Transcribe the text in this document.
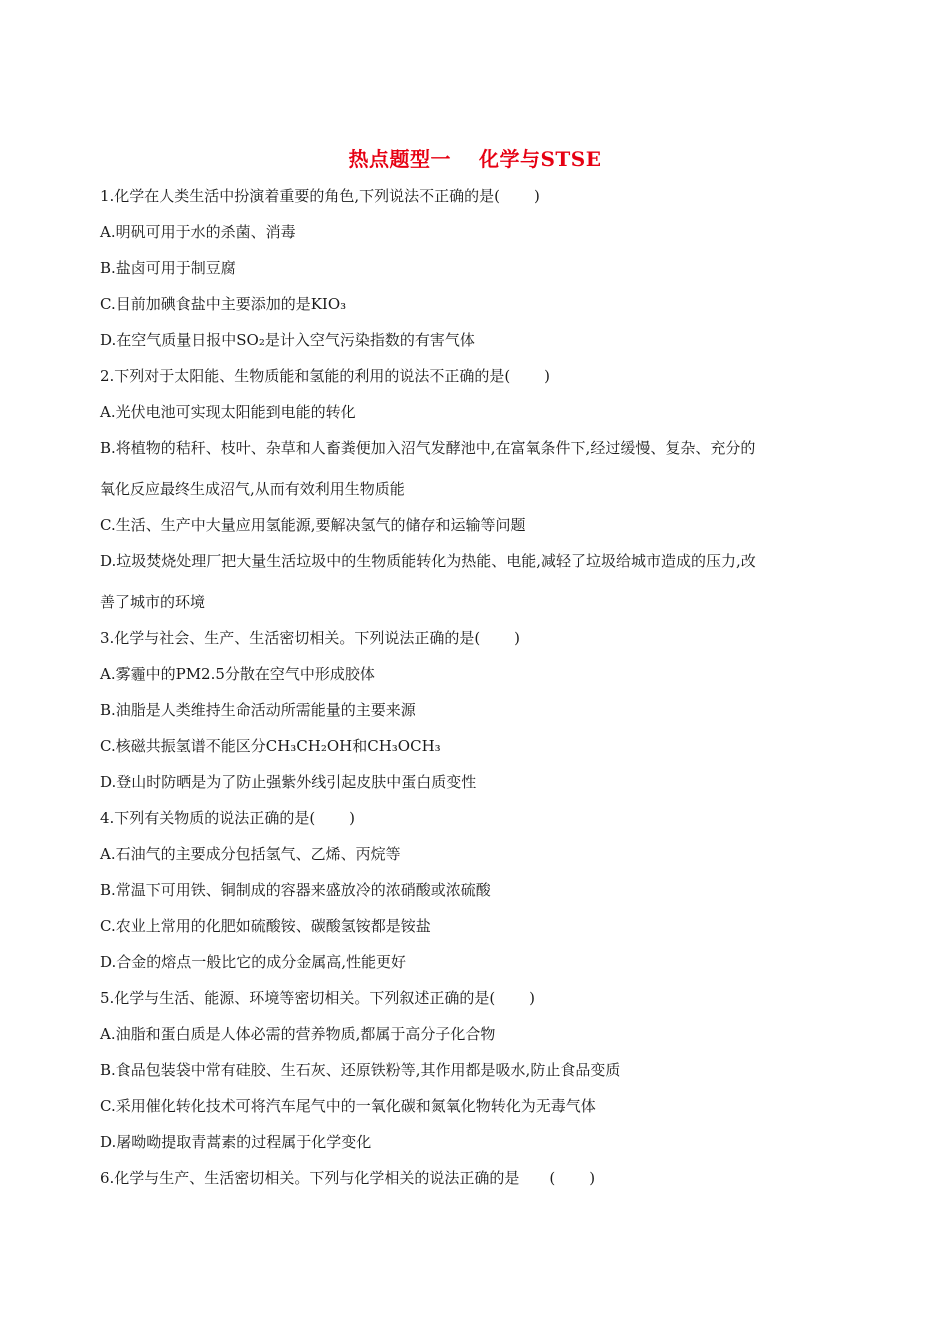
热点题型一 化学与STSE
1.化学在人类生活中扮演着重要的角色,下列说法不正确的是( )
A.明矾可用于水的杀菌、消毒
B.盐卤可用于制豆腐
C.目前加碘食盐中主要添加的是KIO₃
D.在空气质量日报中SO₂是计入空气污染指数的有害气体
2.下列对于太阳能、生物质能和氢能的利用的说法不正确的是( )
A.光伏电池可实现太阳能到电能的转化
B.将植物的秸秆、枝叶、杂草和人畜粪便加入沼气发酵池中,在富氧条件下,经过缓慢、复杂、充分的
氧化反应最终生成沼气,从而有效利用生物质能
C.生活、生产中大量应用氢能源,要解决氢气的储存和运输等问题
D.垃圾焚烧处理厂把大量生活垃圾中的生物质能转化为热能、电能,减轻了垃圾给城市造成的压力,改
善了城市的环境
3.化学与社会、生产、生活密切相关。下列说法正确的是( )
A.雾霾中的PM2.5分散在空气中形成胶体
B.油脂是人类维持生命活动所需能量的主要来源
C.核磁共振氢谱不能区分CH₃CH₂OH和CH₃OCH₃
D.登山时防晒是为了防止强紫外线引起皮肤中蛋白质变性
4.下列有关物质的说法正确的是( )
A.石油气的主要成分包括氢气、乙烯、丙烷等
B.常温下可用铁、铜制成的容器来盛放冷的浓硝酸或浓硫酸
C.农业上常用的化肥如硫酸铵、碳酸氢铵都是铵盐
D.合金的熔点一般比它的成分金属高,性能更好
5.化学与生活、能源、环境等密切相关。下列叙述正确的是( )
A.油脂和蛋白质是人体必需的营养物质,都属于高分子化合物
B.食品包装袋中常有硅胶、生石灰、还原铁粉等,其作用都是吸水,防止食品变质
C.采用催化转化技术可将汽车尾气中的一氧化碳和氮氧化物转化为无毒气体
D.屠呦呦提取青蒿素的过程属于化学变化
6.化学与生产、生活密切相关。下列与化学相关的说法正确的是 ( )
